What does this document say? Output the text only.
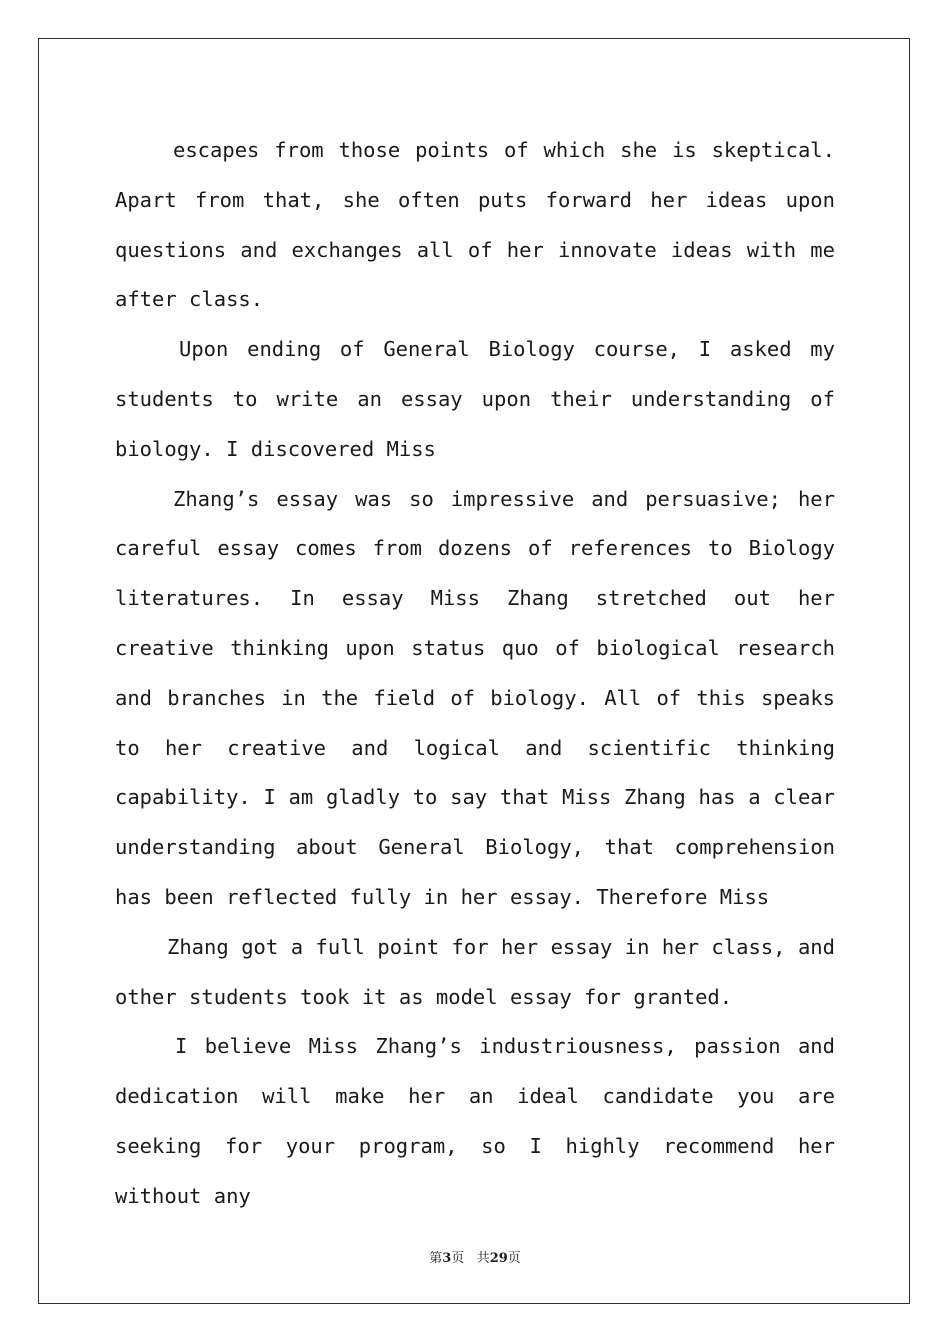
escapes from those points of which she is skeptical. Apart from that, she often puts forward her ideas upon questions and exchanges all of her innovate ideas with me after class.

Upon ending of General Biology course, I asked my students to write an essay upon their understanding of biology. I discovered Miss

Zhang’s essay was so impressive and persuasive; her careful essay comes from dozens of references to Biology literatures. In essay Miss Zhang stretched out her creative thinking upon status quo of biological research and branches in the field of biology. All of this speaks to her creative and logical and scientific thinking capability. I am gladly to say that Miss Zhang has a clear understanding about General Biology, that comprehension has been reflected fully in her essay. Therefore Miss

Zhang got a full point for her essay in her class, and other students took it as model essay for granted.

I believe Miss Zhang’s industriousness, passion and dedication will make her an ideal candidate you are seeking for your program, so I highly recommend her without any

第3页 共29页
